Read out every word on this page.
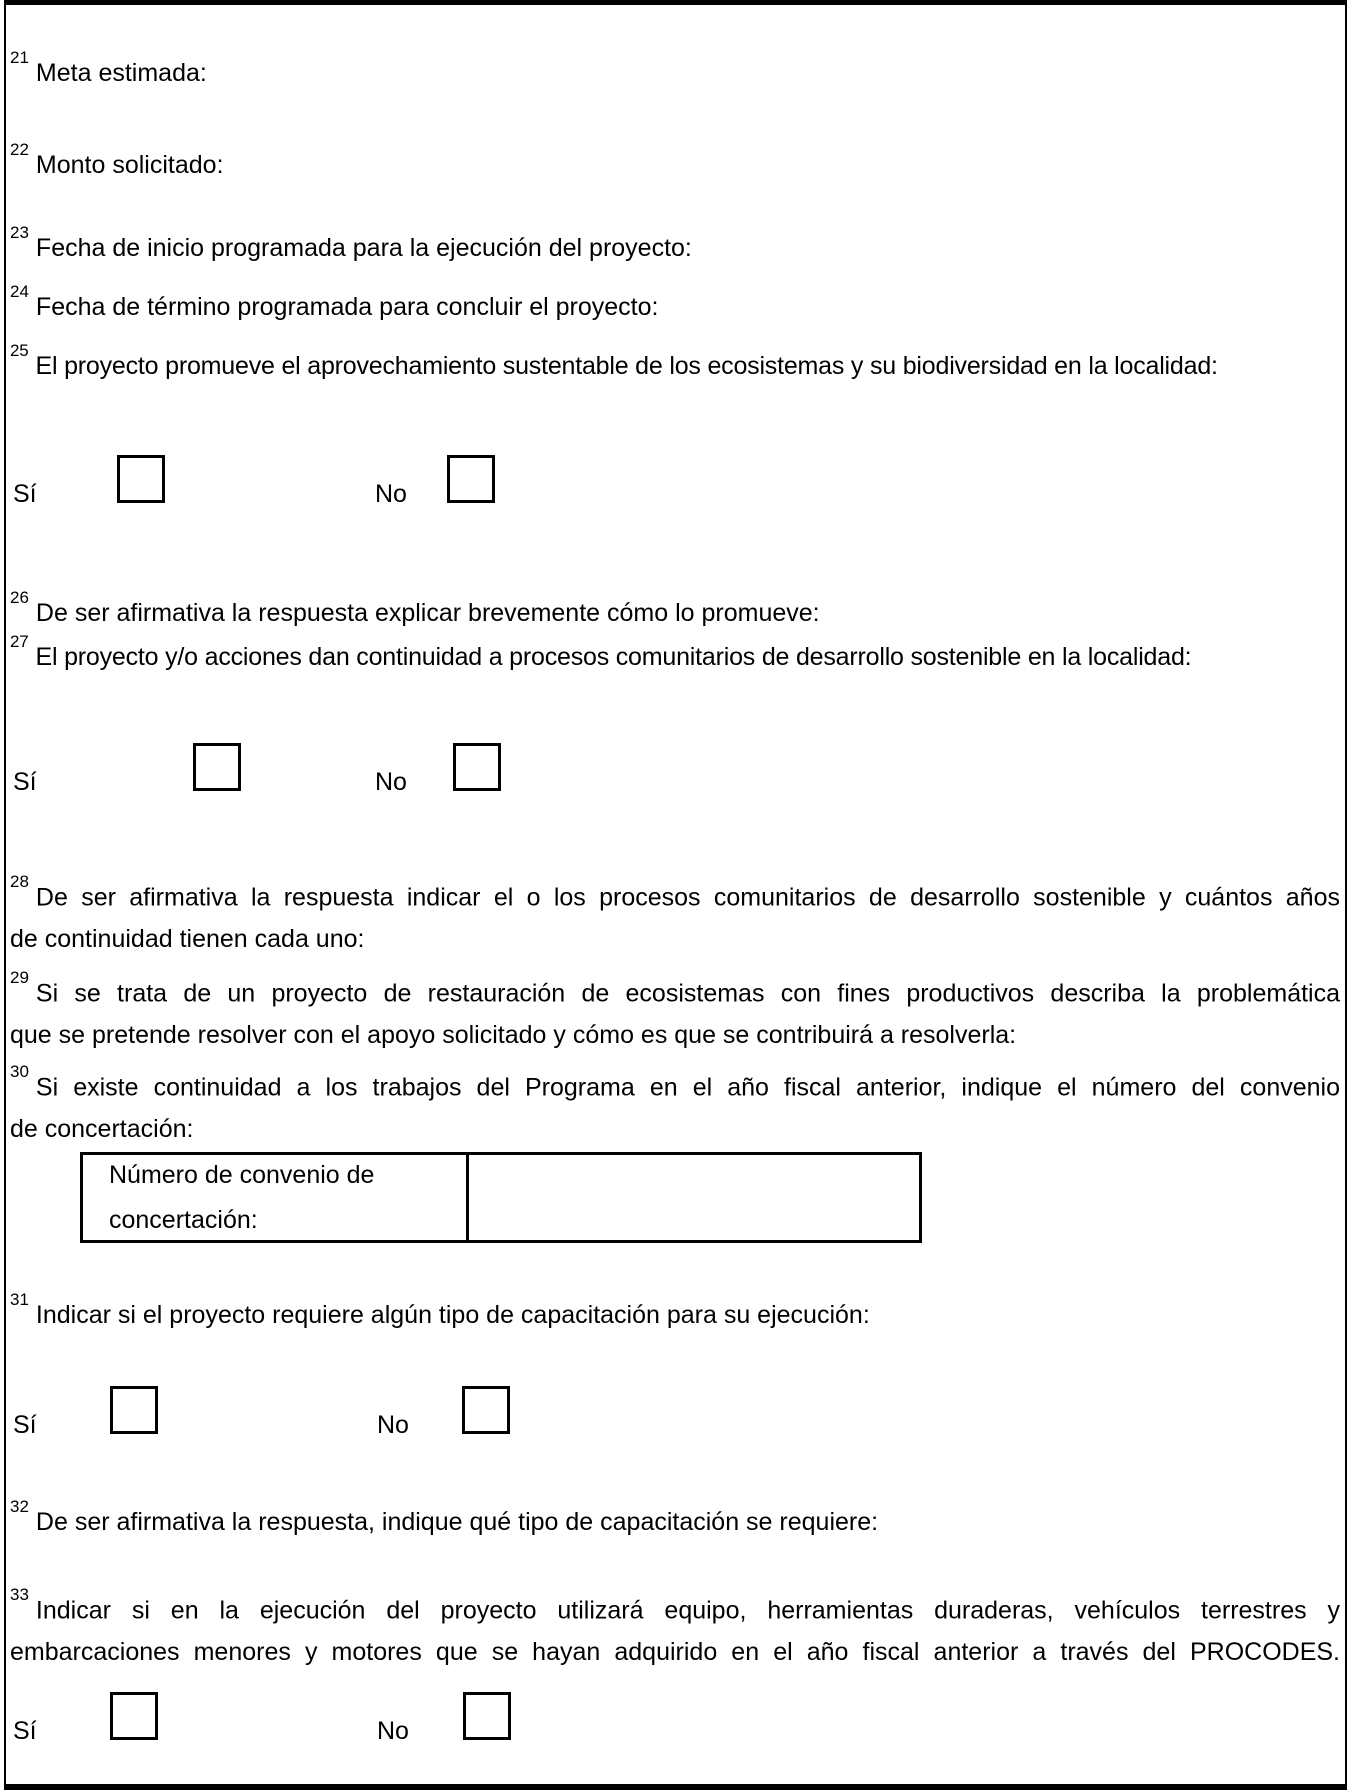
$^{21}$Meta estimada:
$^{22}$Monto solicitado:
$^{23}$Fecha de inicio programada para la ejecución del proyecto:
$^{24}$Fecha de término programada para concluir el proyecto:
$^{25}$El proyecto promueve el aprovechamiento sustentable de los ecosistemas y su biodiversidad en la localidad:
Sí	No
$^{26}$De ser afirmativa la respuesta explicar brevemente cómo lo promueve:
$^{27}$El proyecto y/o acciones dan continuidad a procesos comunitarios de desarrollo sostenible en la localidad:
Sí	No
$^{28}$De ser afirmativa la respuesta indicar el o los procesos comunitarios de desarrollo sostenible y cuántos años
de continuidad tienen cada uno:
$^{29}$Si se trata de un proyecto de restauración de ecosistemas con fines productivos describa la problemática
que se pretende resolver con el apoyo solicitado y cómo es que se contribuirá a resolverla:
$^{30}$Si existe continuidad a los trabajos del Programa en el año fiscal anterior, indique el número del convenio
de concertación:
Número de convenio de
concertación:
$^{31}$Indicar si el proyecto requiere algún tipo de capacitación para su ejecución:
Sí	No
$^{32}$De ser afirmativa la respuesta, indique qué tipo de capacitación se requiere:
$^{33}$Indicar si en la ejecución del proyecto utilizará equipo, herramientas duraderas, vehículos terrestres y
embarcaciones menores y motores que se hayan adquirido en el año fiscal anterior a través del PROCODES.
Sí	No
